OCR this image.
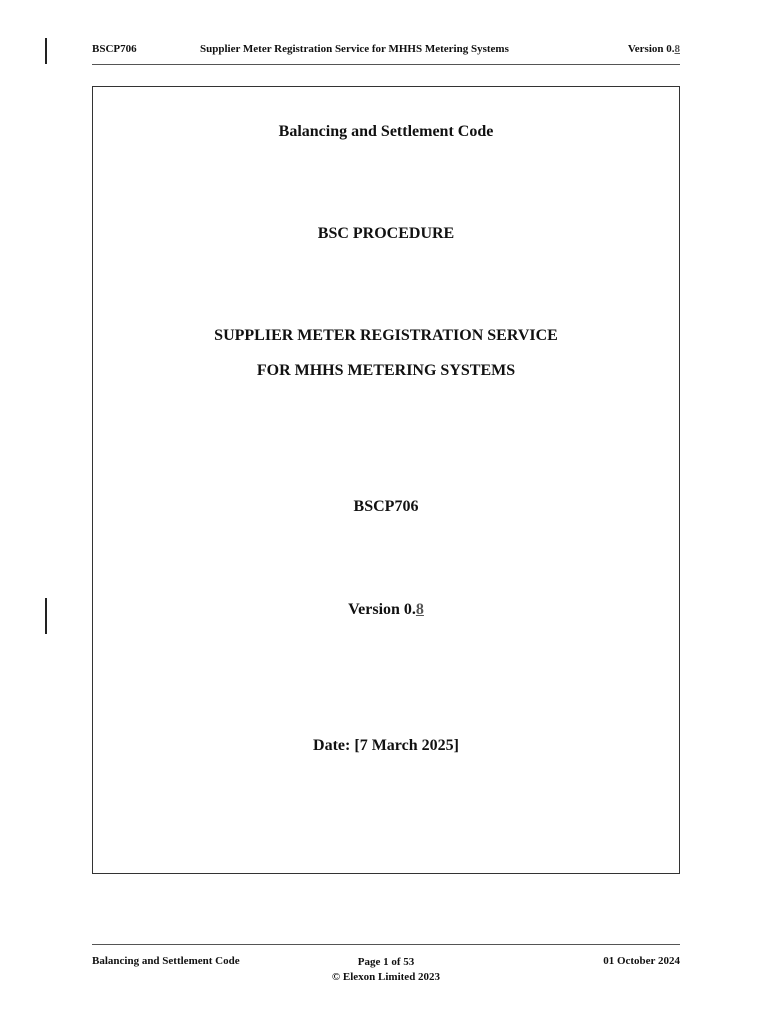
BSCP706	Supplier Meter Registration Service for MHHS Metering Systems	Version 0.8
Balancing and Settlement Code
BSC PROCEDURE
SUPPLIER METER REGISTRATION SERVICE
FOR MHHS METERING SYSTEMS
BSCP706
Version 0.8
Date: [7 March 2025]
Balancing and Settlement Code	Page 1 of 53
© Elexon Limited 2023
01 October 2024
